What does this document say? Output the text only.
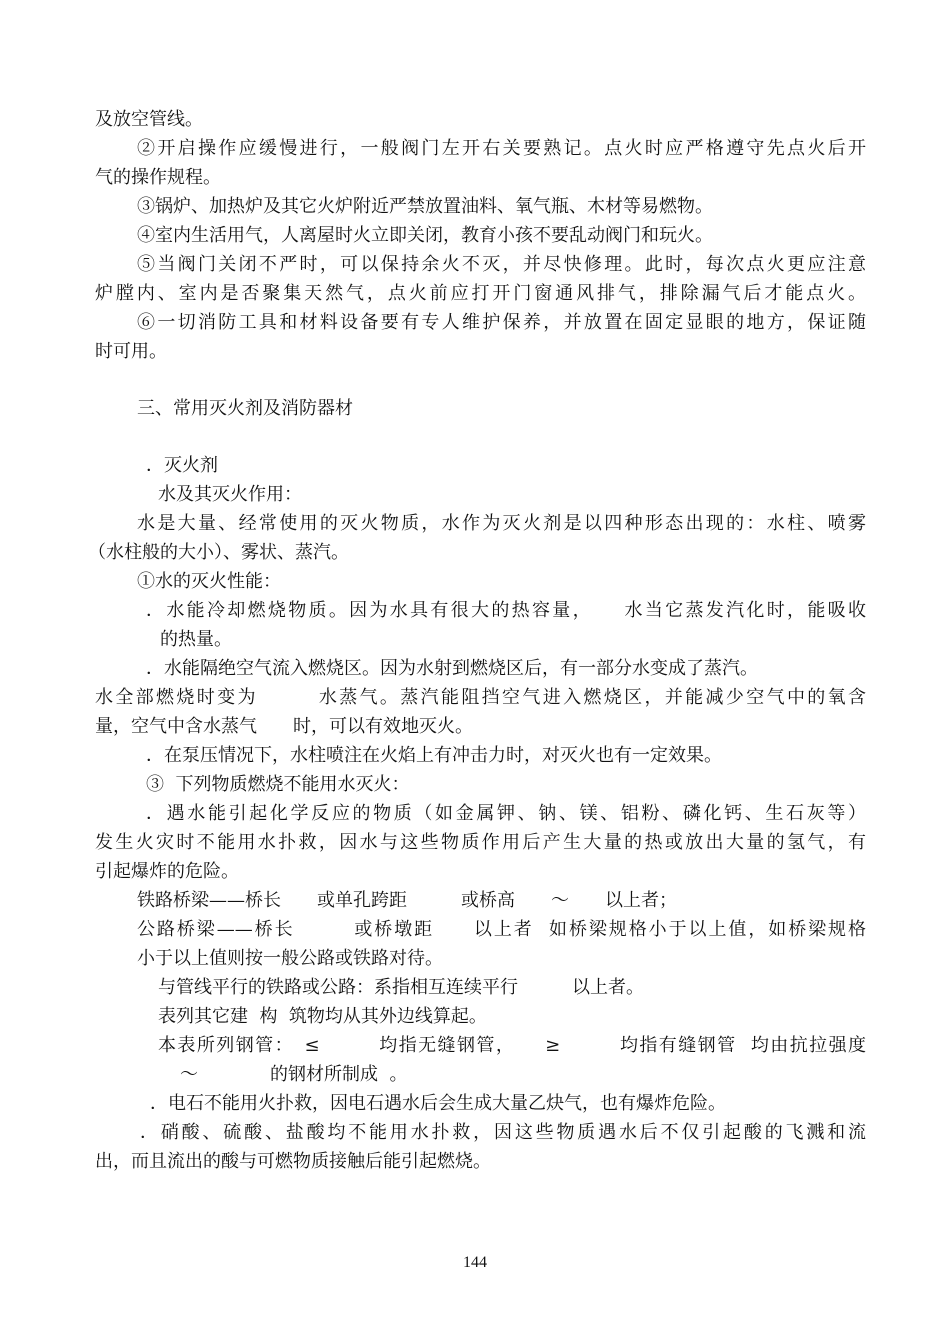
及放空管线。
②开启操作应缓慢进行，一般阀门左开右关要熟记。点火时应严格遵守先点火后开
气的操作规程。
③锅炉、加热炉及其它火炉附近严禁放置油料、氧气瓶、木材等易燃物。
④室内生活用气，人离屋时火立即关闭，教育小孩不要乱动阀门和玩火。
⑤当阀门关闭不严时，可以保持余火不灭，并尽快修理。此时，每次点火更应注意
炉膛内、室内是否聚集天然气，点火前应打开门窗通风排气，排除漏气后才能点火。
⑥一切消防工具和材料设备要有专人维护保养，并放置在固定显眼的地方，保证随
时可用。
三、常用灭火剂及消防器材
．灭火剂
水及其灭火作用：
水是大量、经常使用的灭火物质，水作为灭火剂是以四种形态出现的：水柱、喷雾
（水柱般的大小）、雾状、蒸汽。
①水的灭火性能：
．水能冷却燃烧物质。因为水具有很大的热容量，　　水当它蒸发汽化时，能吸收
的热量。
．水能隔绝空气流入燃烧区。因为水射到燃烧区后，有一部分水变成了蒸汽。
水全部燃烧时变为　　　水蒸气。蒸汽能阻挡空气进入燃烧区，并能减少空气中的氧含
量，空气中含水蒸气　　时，可以有效地灭火。
．在泵压情况下，水柱喷注在火焰上有冲击力时，对灭火也有一定效果。
③  下列物质燃烧不能用水灭火：
．遇水能引起化学反应的物质（如金属钾、钠、镁、铝粉、磷化钙、生石灰等）
发生火灾时不能用水扑救，因水与这些物质作用后产生大量的热或放出大量的氢气，有
引起爆炸的危险。
铁路桥梁——桥长　　或单孔跨距　　　或桥高　　～　　以上者；
公路桥梁——桥长　　　或桥墩距　　以上者  如桥梁规格小于以上值，如桥梁规格
小于以上值则按一般公路或铁路对待。
与管线平行的铁路或公路：系指相互连续平行　　　以上者。
表列其它建  构  筑物均从其外边线算起。
本表所列钢管：　≤　　　均指无缝钢管，　　≥　　　均指有缝钢管  均由抗拉强度
～　　　　的钢材所制成  。
．电石不能用火扑救，因电石遇水后会生成大量乙炔气，也有爆炸危险。
．硝酸、硫酸、盐酸均不能用水扑救，因这些物质遇水后不仅引起酸的飞溅和流
出，而且流出的酸与可燃物质接触后能引起燃烧。
144
